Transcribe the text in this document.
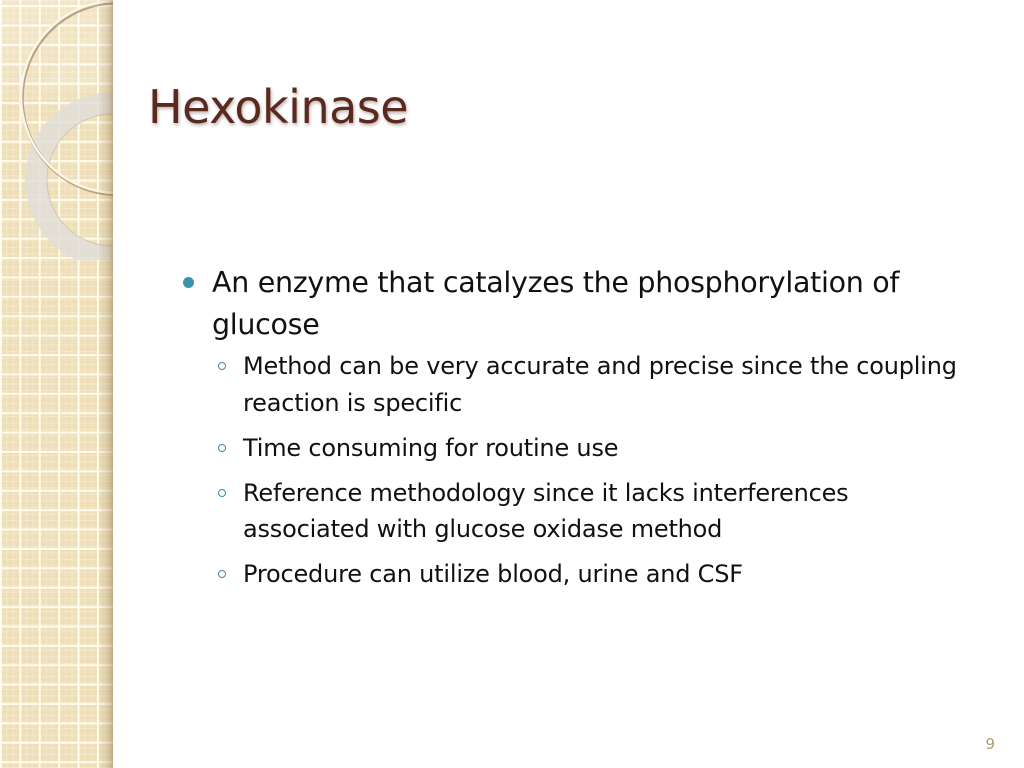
Hexokinase
An enzyme that catalyzes the phosphorylation of glucose
Method can be very accurate and precise since the coupling reaction is specific
Time consuming for routine use
Reference methodology since it lacks interferences associated with glucose oxidase method
Procedure can utilize blood, urine and CSF
9
